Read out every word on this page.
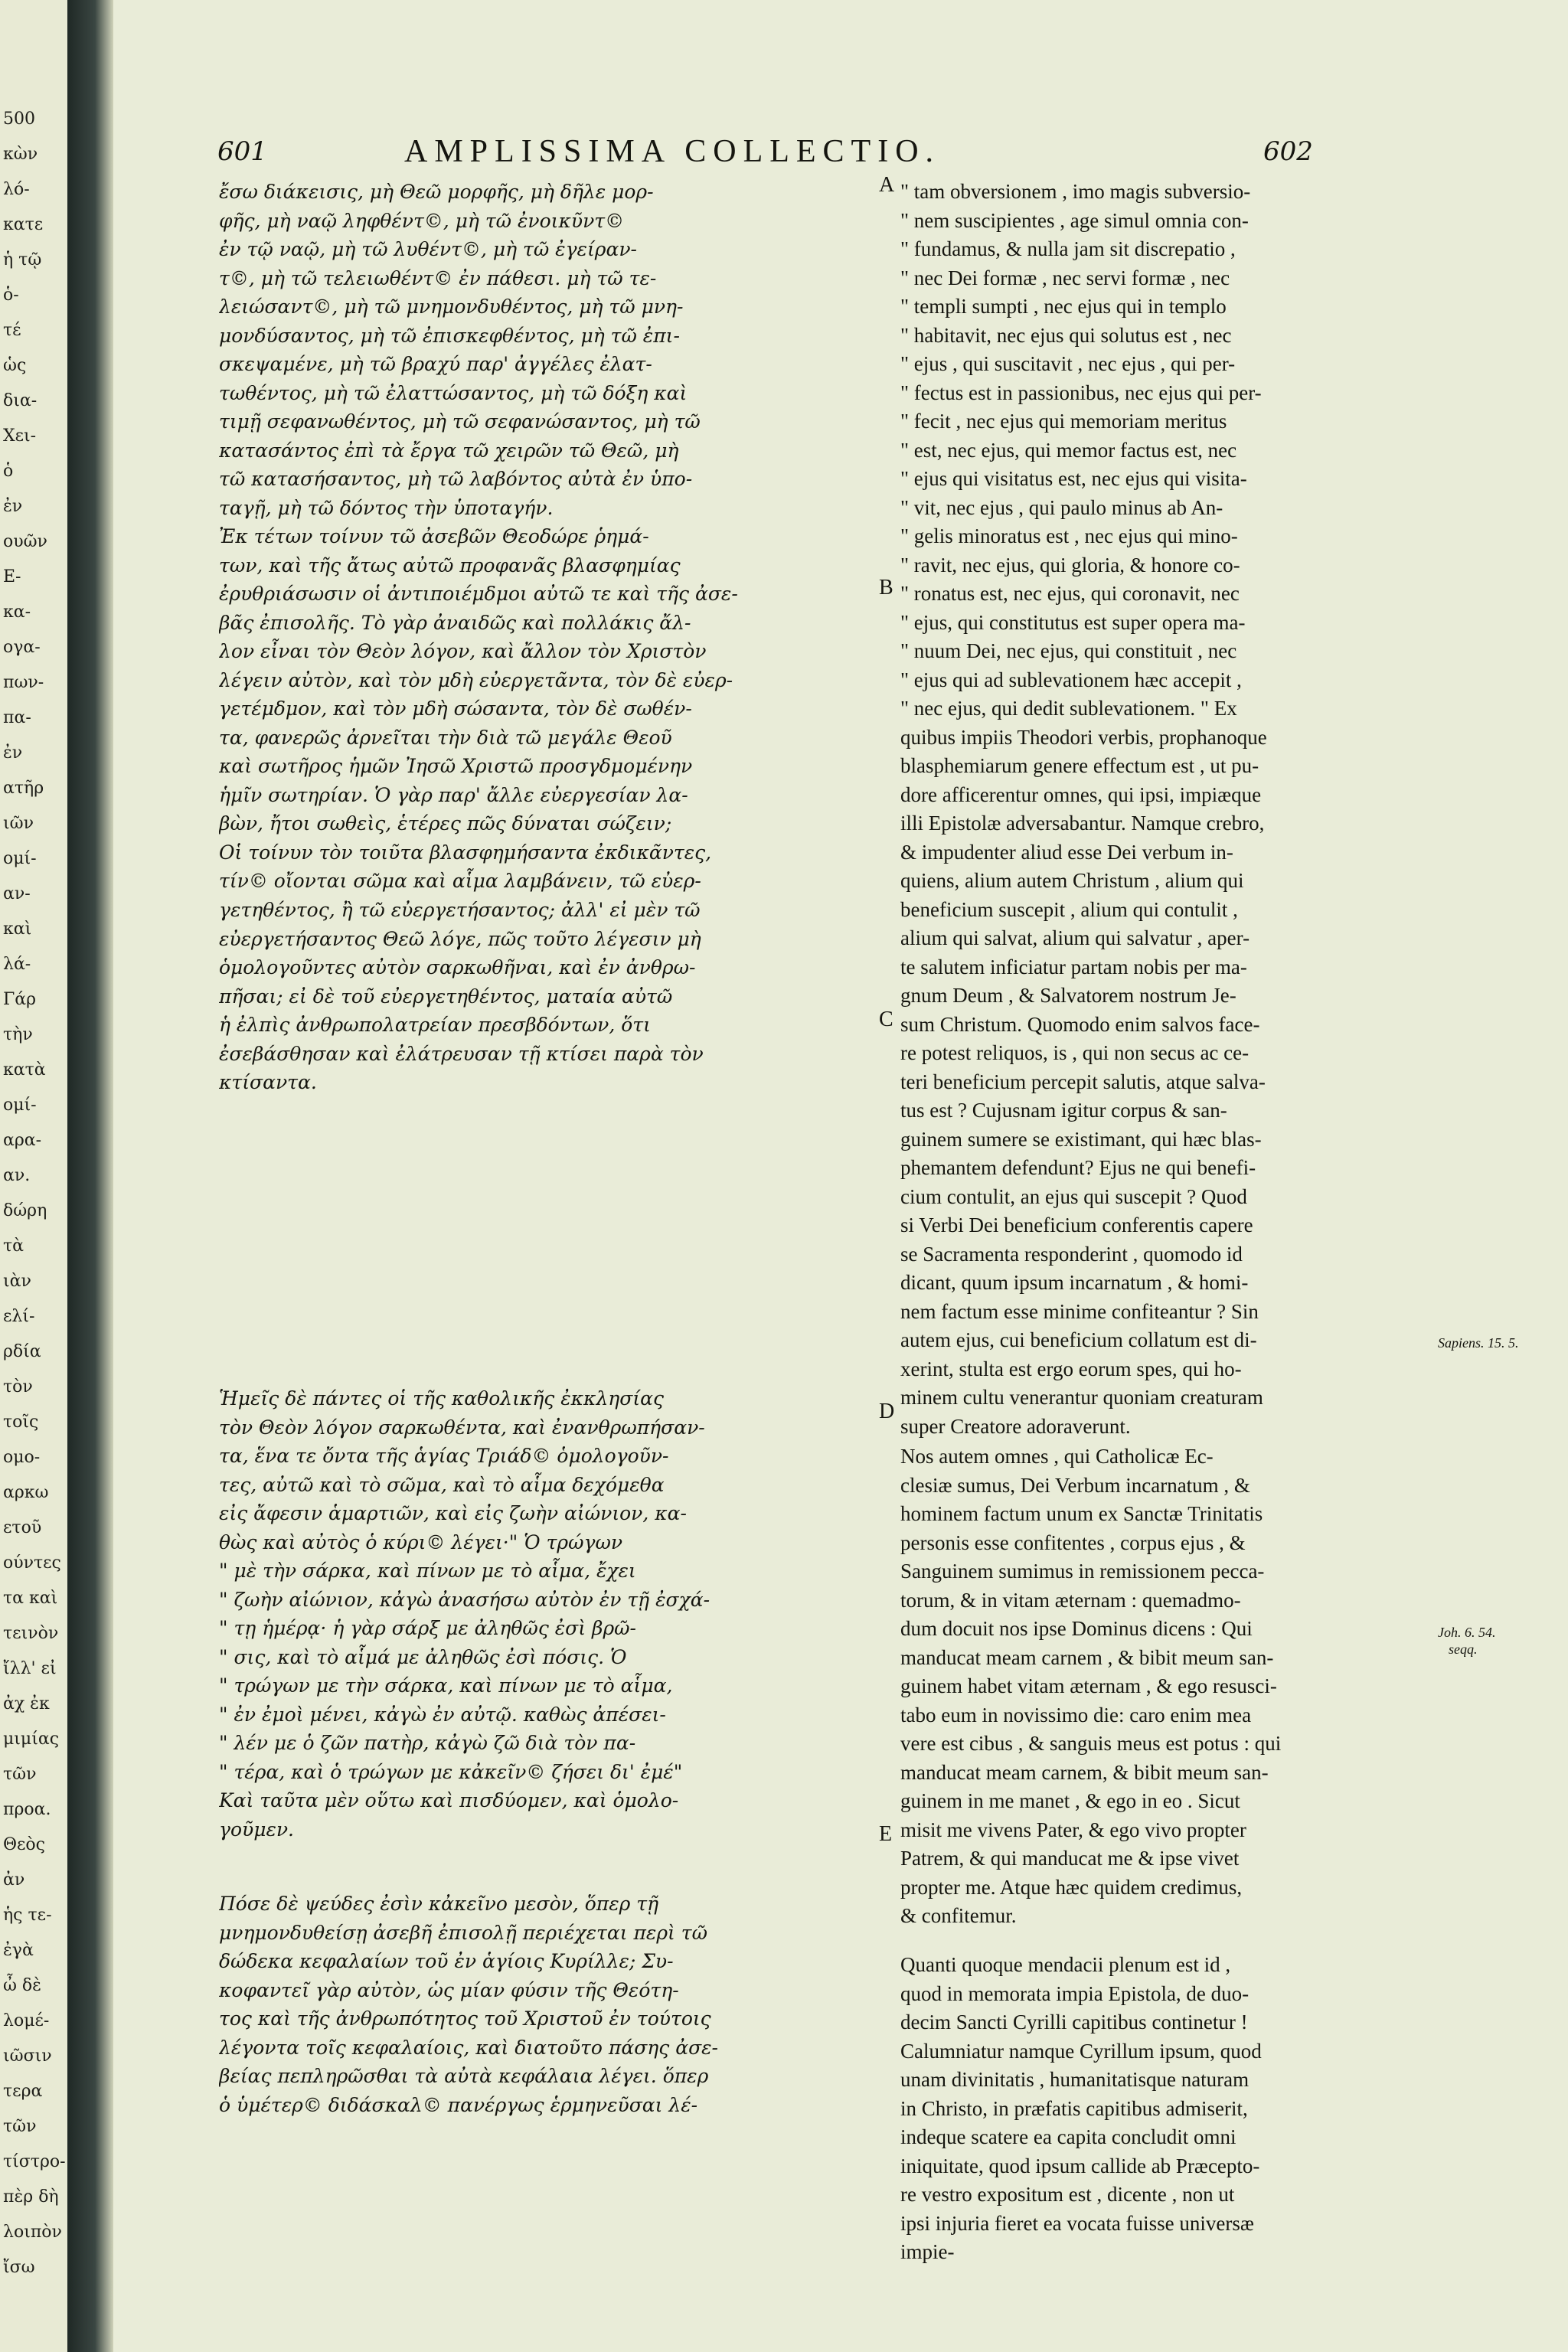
500
κὼν
λό-
κατε
ἡ τῷ
ὁ-
τέ
ὡς
δια-
Χει-
ὁ
ἐν
ουῶν
Ε-
κα-
ογα-
πων-
πα-
ἐν
ατῆρ
ιῶν
ομί-
αν-
καὶ
λά-
Γάρ
τὴν
κατὰ
ομί-
αρα-
αν.
δώρη
τὰ
ιὰν
ελί-
ρδία
τὸν
τοῖς
ομο-
αρκω
ετοῦ
ούντες
τα καὶ
τεινὸν
ἴλλ' εἰ
ἀχ ἐκ
μιμίας
τῶν
προα.
Θεὸς
ἀν
ἡς τε-
ἐγὰ
ὦ δὲ
λομέ-
ιῶσιν
τερα
τῶν
τίστρο-
πὲρ δὴ
λοιπὸν
ἴσω
601	AMPLISSIMA COLLECTIO.	602
ἔσω διάκεισις, μὴ Θεῶ μορφῆς, μὴ δῆλε μορ-
φῆς, μὴ ναῷ ληφθέντ©, μὴ τῶ ἐνοικῦντ©
ἐν τῷ ναῷ, μὴ τῶ λυθέντ©, μὴ τῶ ἐγείραν-
τ©, μὴ τῶ τελειωθέντ© ἐν πάθεσι. μὴ τῶ τε-
λειώσαντ©, μὴ τῶ μνημονδυθέντος, μὴ τῶ μνη-
μονδύσαντος, μὴ τῶ ἐπισκεφθέντος, μὴ τῶ ἐπι-
σκεψαμένε, μὴ τῶ βραχύ παρ' ἀγγέλες ἐλατ-
τωθέντος, μὴ τῶ ἐλαττώσαντος, μὴ τῶ δόξη καὶ
τιμῇ σεφανωθέντος, μὴ τῶ σεφανώσαντος, μὴ τῶ
κατασάντος ἐπὶ τὰ ἔργα τῶ χειρῶν τῶ Θεῶ, μὴ
τῶ κατασήσαντος, μὴ τῶ λαβόντος αὐτὰ ἐν ὑπο-
ταγῇ, μὴ τῶ δόντος τὴν ὑποταγήν.
Ἐκ τέτων τοίνυν τῶ ἀσεβῶν Θεοδώρε ῥημά-
των, καὶ τῆς ἄτως αὐτῶ προφανᾶς βλασφημίας
ἐρυθριάσωσιν οἱ ἀντιποιέμδμοι αὐτῶ τε καὶ τῆς ἀσε-
βᾶς ἐπισολῆς. Τὸ γὰρ ἀναιδῶς καὶ πολλάκις ἄλ-
λον εἶναι τὸν Θεὸν λόγον, καὶ ἄλλον τὸν Χριστὸν
λέγειν αὐτὸν, καὶ τὸν μδὴ εὐεργετᾶντα, τὸν δὲ εὐερ-
γετέμδμον, καὶ τὸν μδὴ σώσαντα, τὸν δὲ σωθέν-
τα, φανερῶς ἀρνεῖται τὴν διὰ τῶ μεγάλε Θεοῦ
καὶ σωτῆρος ἡμῶν Ἰησῶ Χριστῶ προσγδμομένην
ἡμῖν σωτηρίαν. Ὁ γὰρ παρ' ἄλλε εὐεργεσίαν λα-
βὼν, ἤτοι σωθεὶς, ἑτέρες πῶς δύναται σώζειν;
Οἱ τοίνυν τὸν τοιῦτα βλασφημήσαντα ἐκδικᾶντες,
τίν© οἴονται σῶμα καὶ αἷμα λαμβάνειν, τῶ εὐερ-
γετηθέντος, ἢ τῶ εὐεργετήσαντος; ἀλλ' εἰ μὲν τῶ
εὐεργετήσαντος Θεῶ λόγε, πῶς τοῦτο λέγεσιν μὴ
ὁμολογοῦντες αὐτὸν σαρκωθῆναι, καὶ ἐν ἀνθρω-
πῆσαι; εἰ δὲ τοῦ εὐεργετηθέντος, ματαία αὐτῶ
ἡ ἐλπὶς ἀνθρωπολατρείαν πρεσβδόντων, ὅτι
ἐσεβάσθησαν καὶ ἐλάτρευσαν τῇ κτίσει παρὰ τὸν
κτίσαντα.
Ἡμεῖς δὲ πάντες οἱ τῆς καθολικῆς ἐκκλησίας
τὸν Θεὸν λόγον σαρκωθέντα, καὶ ἐνανθρωπήσαν-
τα, ἕνα τε ὄντα τῆς ἁγίας Τριάδ© ὁμολογοῦν-
τες, αὐτῶ καὶ τὸ σῶμα, καὶ τὸ αἷμα δεχόμεθα
εἰς ἄφεσιν ἁμαρτιῶν, καὶ εἰς ζωὴν αἰώνιον, κα-
θὼς καὶ αὐτὸς ὁ κύρι© λέγει·" Ὁ τρώγων
" μὲ τὴν σάρκα, καὶ πίνων με τὸ αἷμα, ἔχει
" ζωὴν αἰώνιον, κἀγὼ ἀνασήσω αὐτὸν ἐν τῇ ἐσχά-
" τῃ ἡμέρᾳ· ἡ γὰρ σάρξ με ἀληθῶς ἐσὶ βρῶ-
" σις, καὶ τὸ αἷμά με ἀληθῶς ἐσὶ πόσις. Ὁ
" τρώγων με τὴν σάρκα, καὶ πίνων με τὸ αἷμα,
" ἐν ἐμοὶ μένει, κἀγὼ ἐν αὐτῷ. καθὼς ἀπέσει-
" λέν με ὁ ζῶν πατὴρ, κἀγὼ ζῶ διὰ τὸν πα-
" τέρα, καὶ ὁ τρώγων με κἀκεῖν© ζήσει δι' ἐμέ"
Καὶ ταῦτα μὲν οὕτω καὶ πισδύομεν, καὶ ὁμολο-
γοῦμεν.
Πόσε δὲ ψεύδες ἐσὶν κἀκεῖνο μεσὸν, ὅπερ τῇ
μνημονδυθείσῃ ἀσεβῆ ἐπισολῇ περιέχεται περὶ τῶ
δώδεκα κεφαλαίων τοῦ ἐν ἁγίοις Κυρίλλε; Συ-
κοφαντεῖ γὰρ αὐτὸν, ὡς μίαν φύσιν τῆς Θεότη-
τος καὶ τῆς ἀνθρωπότητος τοῦ Χριστοῦ ἐν τούτοις
λέγοντα τοῖς κεφαλαίοις, καὶ διατοῦτο πάσης ἀσε-
βείας πεπληρῶσθαι τὰ αὐτὰ κεφάλαια λέγει. ὅπερ
ὁ ὑμέτερ© διδάσκαλ© πανέργως ἑρμηνεῦσαι λέ-
" tam obversionem , imo magis subversio-
" nem suscipientes , age simul omnia con-
" fundamus, & nulla jam sit discrepatio ,
" nec Dei formæ , nec servi formæ , nec
" templi sumpti , nec ejus qui in templo
" habitavit, nec ejus qui solutus est , nec
" ejus , qui suscitavit , nec ejus , qui per-
" fectus est in passionibus, nec ejus qui per-
" fecit , nec ejus qui memoriam meritus
" est, nec ejus, qui memor factus est, nec
" ejus qui visitatus est, nec ejus qui visita-
" vit, nec ejus , qui paulo minus ab An-
" gelis minoratus est , nec ejus qui mino-
" ravit, nec ejus, qui gloria, & honore co-
" ronatus est, nec ejus, qui coronavit, nec
" ejus, qui constitutus est super opera ma-
" nuum Dei, nec ejus, qui constituit , nec
" ejus qui ad sublevationem hæc accepit ,
" nec ejus, qui dedit sublevationem. " Ex
quibus impiis Theodori verbis, prophanoque
blasphemiarum genere effectum est , ut pu-
dore afficerentur omnes, qui ipsi, impiæque
illi Epistolæ adversabantur. Namque crebro,
& impudenter aliud esse Dei verbum in-
quiens, alium autem Christum , alium qui
beneficium suscepit , alium qui contulit ,
alium qui salvat, alium qui salvatur , aper-
te salutem inficiatur partam nobis per ma-
gnum Deum , & Salvatorem nostrum Je-
sum Christum. Quomodo enim salvos face-
re potest reliquos, is , qui non secus ac ce-
teri beneficium percepit salutis, atque salva-
tus est ? Cujusnam igitur corpus & san-
guinem sumere se existimant, qui hæc blas-
phemantem defendunt? Ejus ne qui benefi-
cium contulit, an ejus qui suscepit ? Quod
si Verbi Dei beneficium conferentis capere
se Sacramenta responderint , quomodo id
dicant, quum ipsum incarnatum , & homi-
nem factum esse minime confiteantur ? Sin
autem ejus, cui beneficium collatum est di-
xerint, stulta est ergo eorum spes, qui ho-
minem cultu venerantur quoniam creaturam
super Creatore adoraverunt.
Nos autem omnes , qui Catholicæ Ec-
clesiæ sumus, Dei Verbum incarnatum , &
hominem factum unum ex Sanctæ Trinitatis
personis esse confitentes , corpus ejus , &
Sanguinem sumimus in remissionem pecca-
torum, & in vitam æternam : quemadmo-
dum docuit nos ipse Dominus dicens : Qui
manducat meam carnem , & bibit meum san-
guinem habet vitam æternam , & ego resusci-
tabo eum in novissimo die: caro enim mea
vere est cibus , & sanguis meus est potus : qui
manducat meam carnem, & bibit meum san-
guinem in me manet , & ego in eo . Sicut
misit me vivens Pater, & ego vivo propter
Patrem, & qui manducat me & ipse vivet
propter me. Atque hæc quidem credimus,
& confitemur.
Quanti quoque mendacii plenum est id ,
quod in memorata impia Epistola, de duo-
decim Sancti Cyrilli capitibus continetur !
Calumniatur namque Cyrillum ipsum, quod
unam divinitatis , humanitatisque naturam
in Christo, in præfatis capitibus admiserit,
indeque scatere ea capita concludit omni
iniquitate, quod ipsum callide ab Præcepto-
re vestro expositum est , dicente , non ut
ipsi injuria fieret ea vocata fuisse universæ
impie-
A
B
C
D
E
Sapiens. 15. 5.
Joh. 6. 54.
seqq.
